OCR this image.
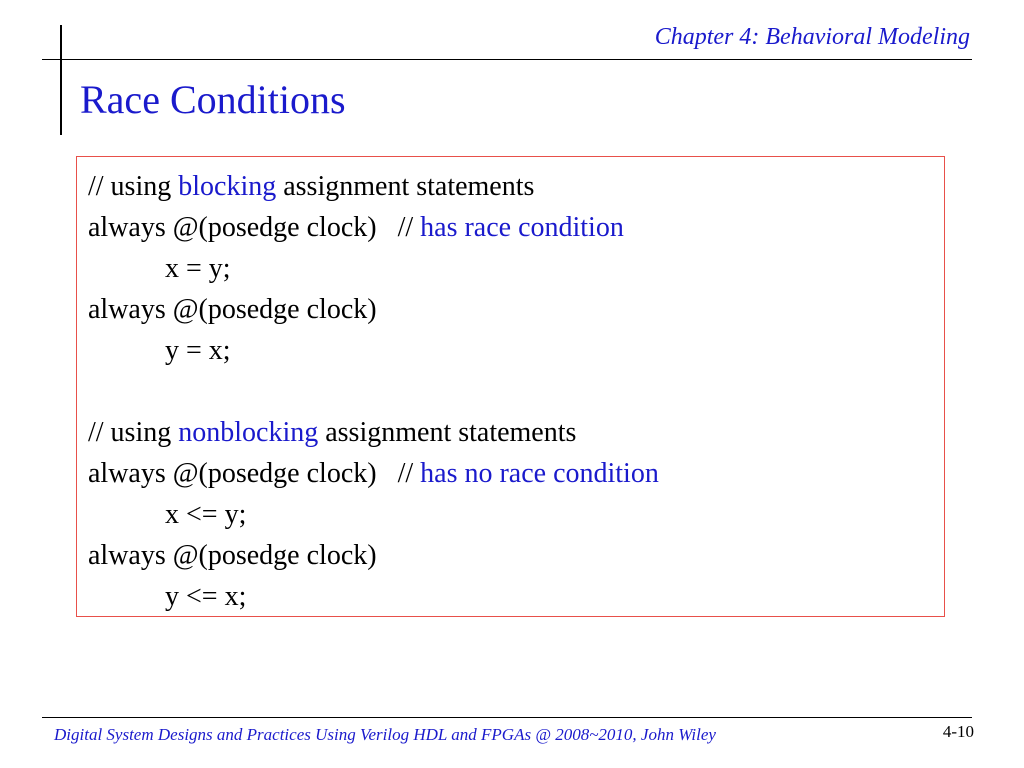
Chapter 4: Behavioral Modeling
Race Conditions
// using blocking assignment statements
always @(posedge clock)   // has race condition
x = y;
always @(posedge clock)
y = x;
// using nonblocking assignment statements
always @(posedge clock)   // has no race condition
x <= y;
always @(posedge clock)
y <= x;
Digital System Designs and Practices Using Verilog HDL and FPGAs @ 2008~2010, John Wiley	4-10
